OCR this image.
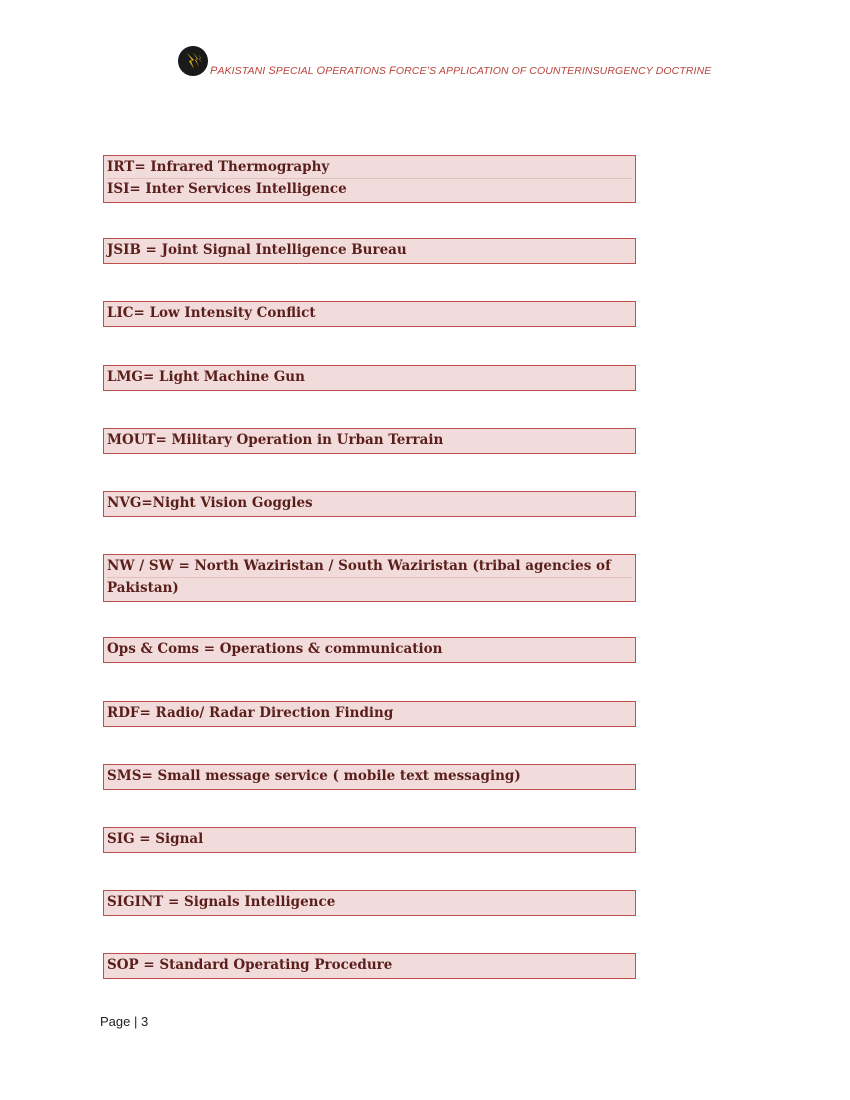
PAKISTANI SPECIAL OPERATIONS FORCE’S APPLICATION OF COUNTERINSURGENCY DOCTRINE
IRT= Infrared Thermography
ISI= Inter Services Intelligence
JSIB = Joint Signal Intelligence Bureau
LIC= Low Intensity Conflict
LMG= Light Machine Gun
MOUT= Military Operation in Urban Terrain
NVG=Night Vision Goggles
NW / SW = North Waziristan / South Waziristan (tribal agencies of
Pakistan)
Ops & Coms = Operations & communication
RDF= Radio/ Radar Direction Finding
SMS= Small message service ( mobile text messaging)
SIG = Signal
SIGINT = Signals Intelligence
SOP = Standard Operating Procedure
Page | 3
